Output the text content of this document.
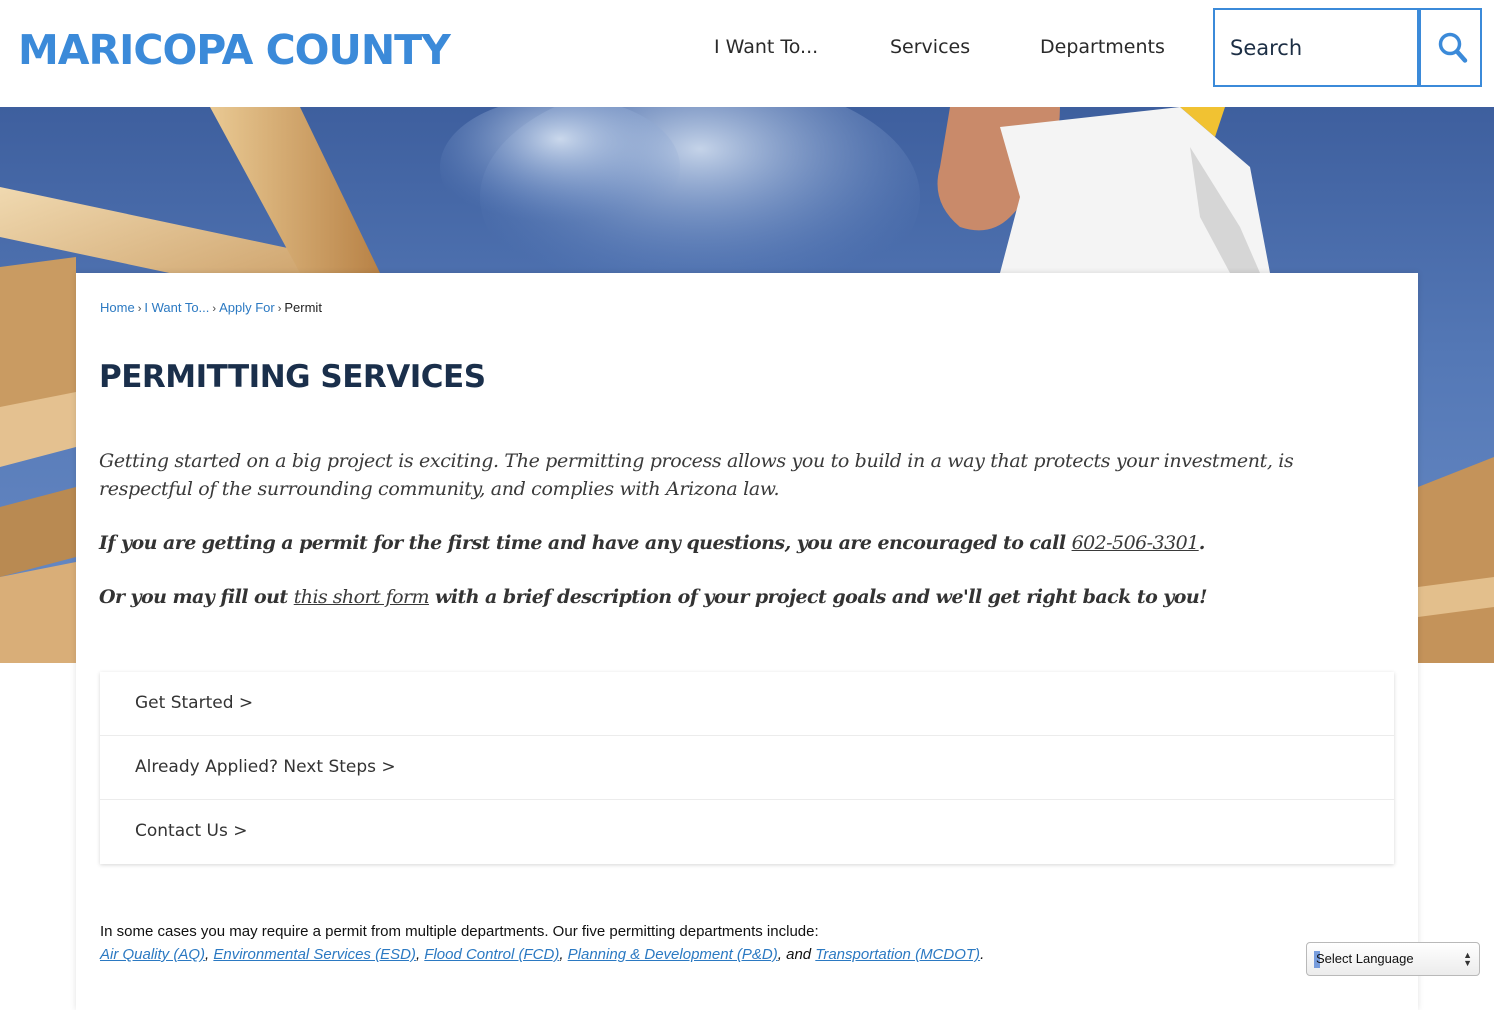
MARICOPA COUNTY	I Want To...	Services	Departments
Search
Home › I Want To... › Apply For › Permit
PERMITTING SERVICES

Getting started on a big project is exciting. The permitting process allows you to build in a way that protects your investment, is respectful of the surrounding community, and complies with Arizona law.

If you are getting a permit for the first time and have any questions, you are encouraged to call 602-506-3301.

Or you may fill out this short form with a brief description of your project goals and we'll get right back to you!

Get Started >
Already Applied? Next Steps >
Contact Us >
In some cases you may require a permit from multiple departments. Our five permitting departments include:
Air Quality (AQ), Environmental Services (ESD), Flood Control (FCD), Planning & Development (P&D), and Transportation (MCDOT).	Select Language	▲
▼
